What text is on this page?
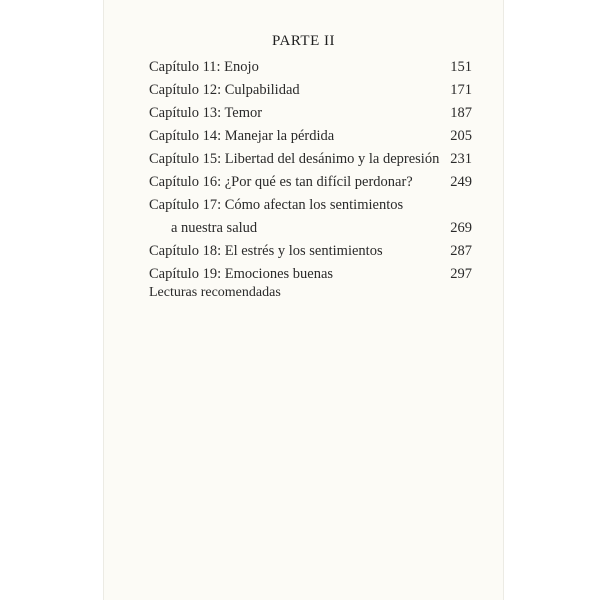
PARTE II
Capítulo 11: Enojo	151
Capítulo 12: Culpabilidad	171
Capítulo 13: Temor	187
Capítulo 14: Manejar la pérdida	205
Capítulo 15: Libertad del desánimo y la depresión 231
Capítulo 16: ¿Por qué es tan difícil perdonar?	249
Capítulo 17: Cómo afectan los sentimientos
a nuestra salud	269
Capítulo 18: El estrés y los sentimientos	287
Capítulo 19: Emociones buenas	297
Lecturas recomendadas
